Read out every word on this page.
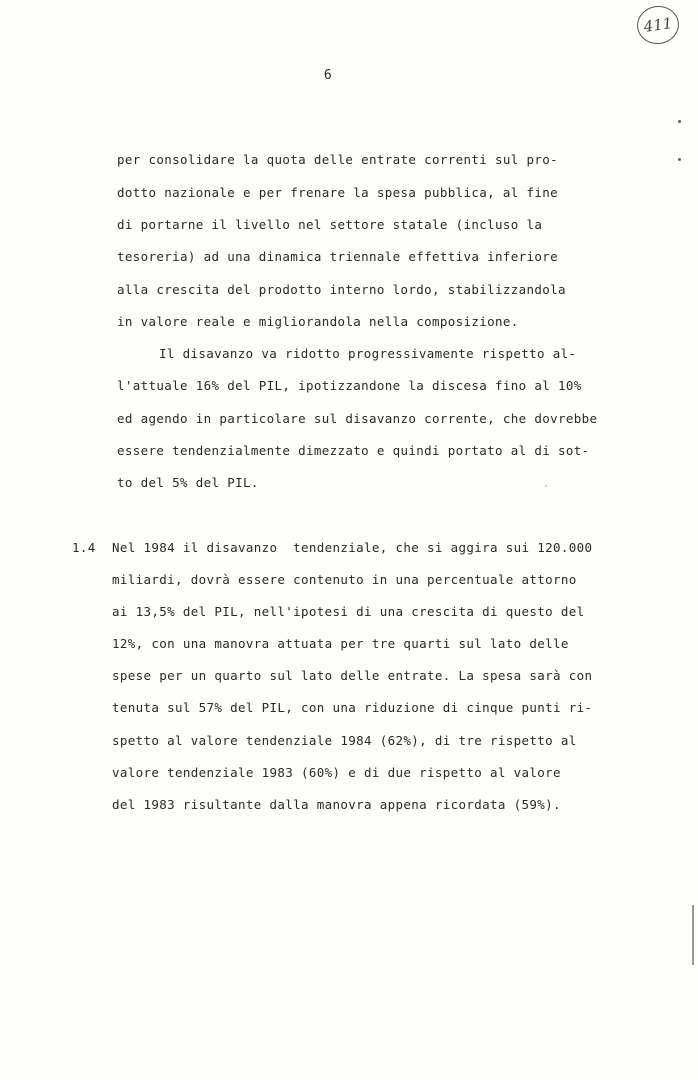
411
6
per consolidare la quota delle entrate correnti sul pro-
dotto nazionale e per frenare la spesa pubblica, al fine
di portarne il livello nel settore statale (incluso la
tesoreria) ad una dinamica triennale effettiva inferiore
alla crescita del prodotto interno lordo, stabilizzandola
in valore reale e migliorandola nella composizione.
Il disavanzo va ridotto progressivamente rispetto al-
l'attuale 16% del PIL, ipotizzandone la discesa fino al 10%
ed agendo in particolare sul disavanzo corrente, che dovrebbe
essere tendenzialmente dimezzato e quindi portato al di sot-
to del 5% del PIL.
1.4 Nel 1984 il disavanzo  tendenziale, che si aggira sui 120.000
miliardi, dovrà essere contenuto in una percentuale attorno
ai 13,5% del PIL, nell'ipotesi di una crescita di questo del
12%, con una manovra attuata per tre quarti sul lato delle
spese per un quarto sul lato delle entrate. La spesa sarà con
tenuta sul 57% del PIL, con una riduzione di cinque punti ri-
spetto al valore tendenziale 1984 (62%), di tre rispetto al
valore tendenziale 1983 (60%) e di due rispetto al valore
del 1983 risultante dalla manovra appena ricordata (59%).
